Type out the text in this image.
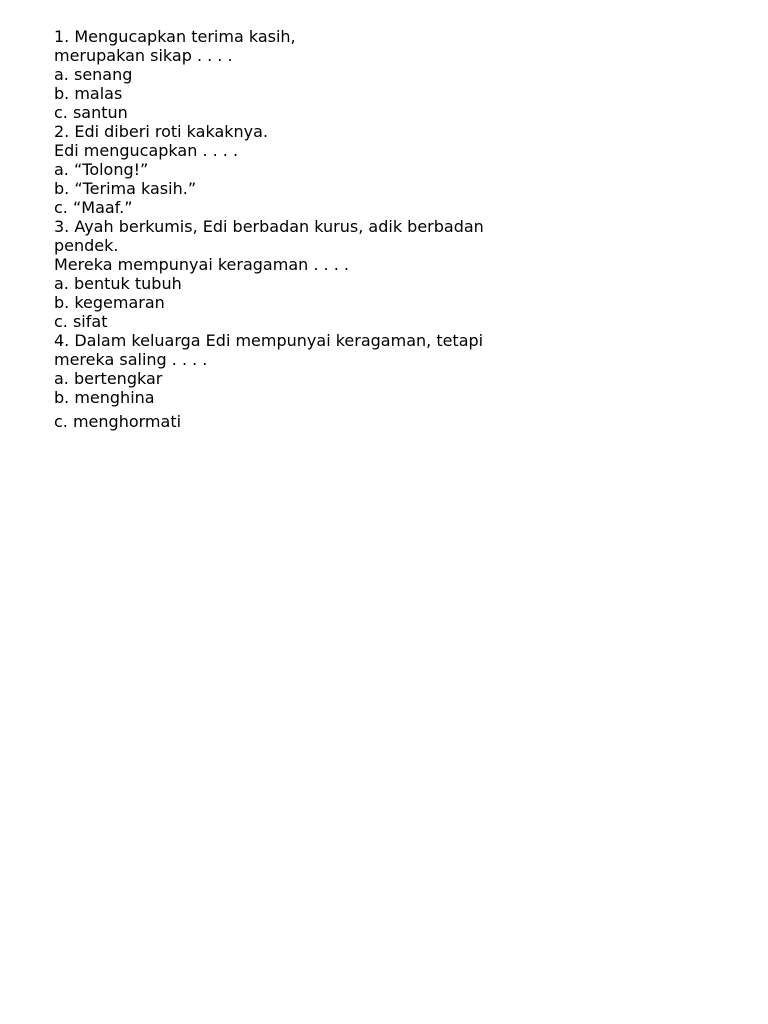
1. Mengucapkan terima kasih,

merupakan sikap . . . .

a. senang

b. malas

c. santun

2. Edi diberi roti kakaknya.

Edi mengucapkan . . . .

a. “Tolong!”

b. “Terima kasih.”

c. “Maaf.”

3. Ayah berkumis, Edi berbadan kurus, adik berbadan

pendek.

Mereka mempunyai keragaman . . . .

a. bentuk tubuh

b. kegemaran

c. sifat

4. Dalam keluarga Edi mempunyai keragaman, tetapi

mereka saling . . . .

a. bertengkar

b. menghina

c. menghormati
